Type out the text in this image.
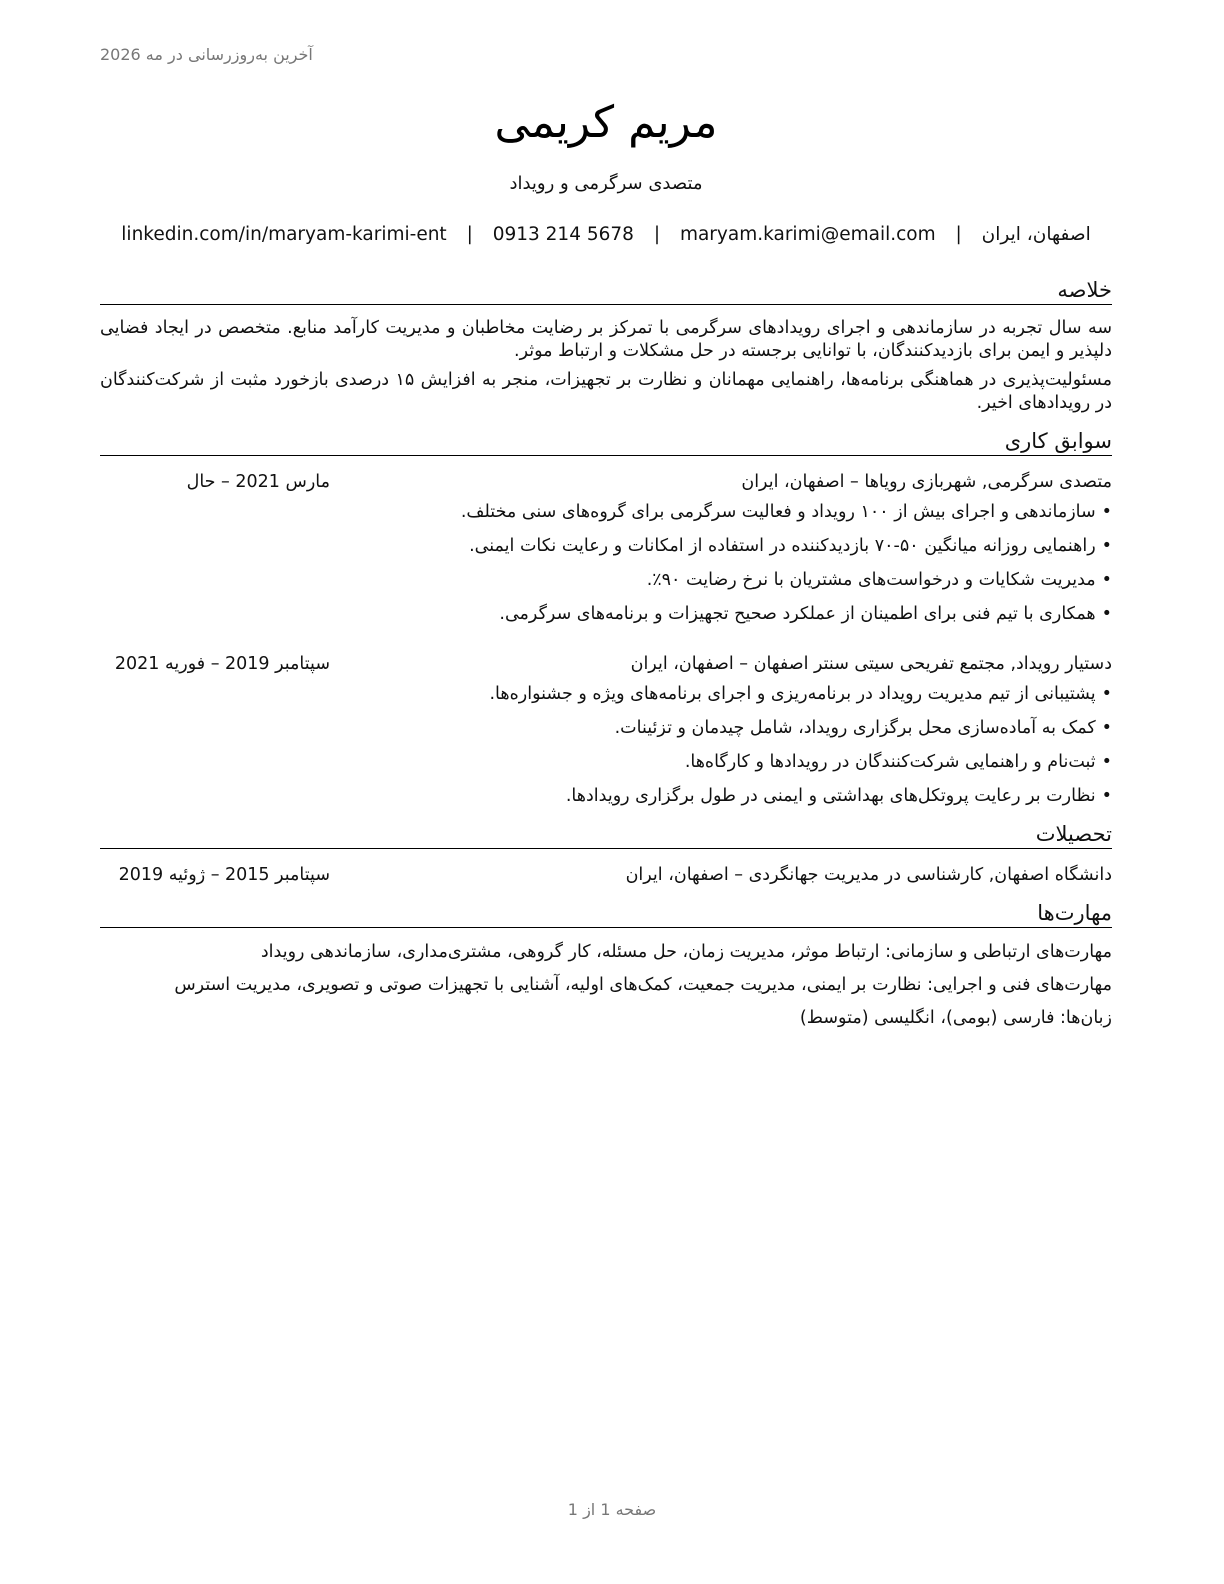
آخرین به‌روزرسانی در مه 2026
مریم کریمی
متصدی سرگرمی و رویداد
اصفهان، ایران | maryam.karimi@email.com | 0913 214 5678 | linkedin.com/in/maryam-karimi-ent
خلاصه

سه سال تجربه در سازماندهی و اجرای رویدادهای سرگرمی با تمرکز بر رضایت مخاطبان و مدیریت کارآمد منابع. متخصص در ایجاد فضایی دلپذیر و ایمن برای بازدیدکنندگان، با توانایی برجسته در حل مشکلات و ارتباط موثر.

مسئولیت‌پذیری در هماهنگی برنامه‌ها، راهنمایی مهمانان و نظارت بر تجهیزات، منجر به افزایش ۱۵ درصدی بازخورد مثبت از شرکت‌کنندگان در رویدادهای اخیر.

سوابق کاری
متصدی سرگرمی, شهربازی رویاها – اصفهان، ایران
مارس 2021 – حال
•سازماندهی و اجرای بیش از ۱۰۰ رویداد و فعالیت سرگرمی برای گروه‌های سنی مختلف.
•راهنمایی روزانه میانگین ۵۰-۷۰ بازدیدکننده در استفاده از امکانات و رعایت نکات ایمنی.
•مدیریت شکایات و درخواست‌های مشتریان با نرخ رضایت ۹۰٪.
•همکاری با تیم فنی برای اطمینان از عملکرد صحیح تجهیزات و برنامه‌های سرگرمی.
دستیار رویداد, مجتمع تفریحی سیتی سنتر اصفهان – اصفهان، ایران
سپتامبر 2019 – فوریه 2021
•پشتیبانی از تیم مدیریت رویداد در برنامه‌ریزی و اجرای برنامه‌های ویژه و جشنواره‌ها.
•کمک به آماده‌سازی محل برگزاری رویداد، شامل چیدمان و تزئینات.
•ثبت‌نام و راهنمایی شرکت‌کنندگان در رویدادها و کارگاه‌ها.
•نظارت بر رعایت پروتکل‌های بهداشتی و ایمنی در طول برگزاری رویدادها.
تحصیلات
دانشگاه اصفهان, کارشناسی در مدیریت جهانگردی – اصفهان، ایران
سپتامبر 2015 – ژوئیه 2019
مهارت‌ها
مهارت‌های ارتباطی و سازمانی: ارتباط موثر، مدیریت زمان، حل مسئله، کار گروهی، مشتری‌مداری، سازماندهی رویداد
مهارت‌های فنی و اجرایی: نظارت بر ایمنی، مدیریت جمعیت، کمک‌های اولیه، آشنایی با تجهیزات صوتی و تصویری، مدیریت استرس
زبان‌ها: فارسی (بومی)، انگلیسی (متوسط)
صفحه 1 از 1
